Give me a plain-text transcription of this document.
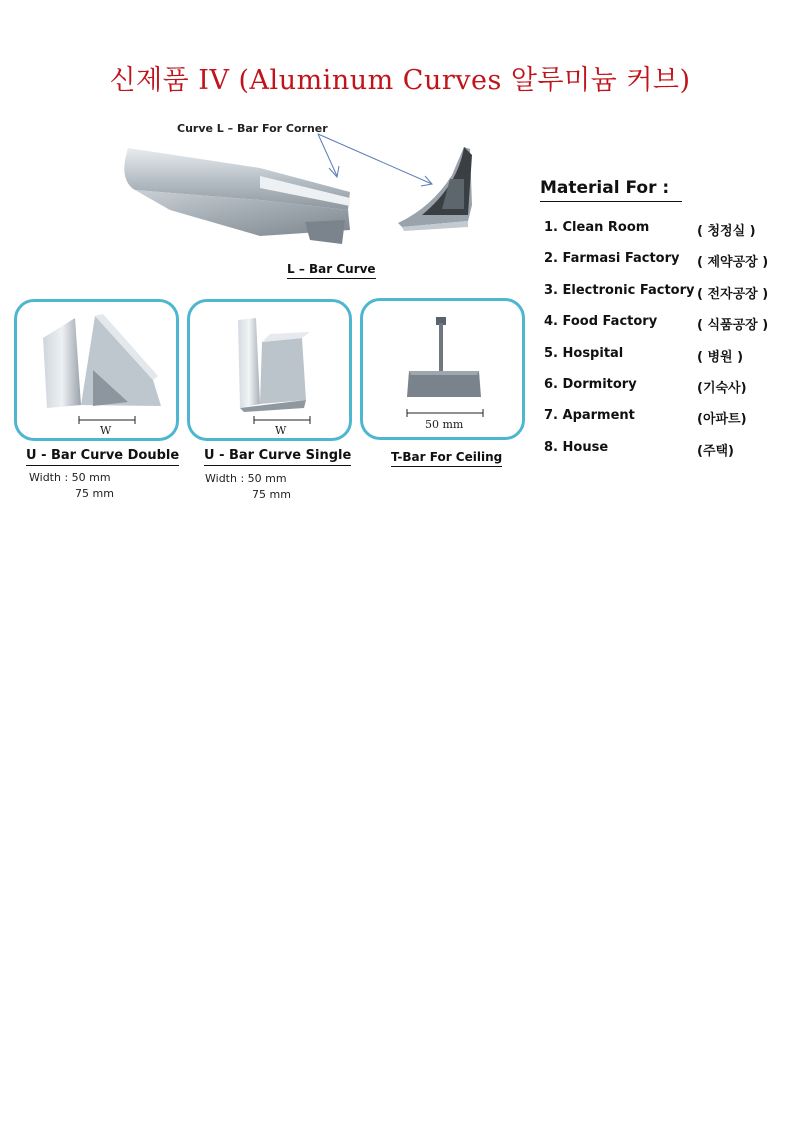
신제품 IV (Aluminum Curves 알루미늄 커브)
Curve L – Bar For Corner
L – Bar Curve
W
U - Bar Curve Double
Width : 50 mm
75 mm
W
U - Bar Curve Single
Width : 50 mm
75 mm
50 mm
T-Bar For Ceiling
Material For :
1. Clean Room	( 청정실 )
2. Farmasi Factory ( 제약공장 )
3. Electronic Factory ( 전자공장 )
4. Food Factory	( 식품공장 )
5. Hospital	( 병원 )
6. Dormitory	(기숙사)
7. Aparment	(아파트)
8. House	(주택)
